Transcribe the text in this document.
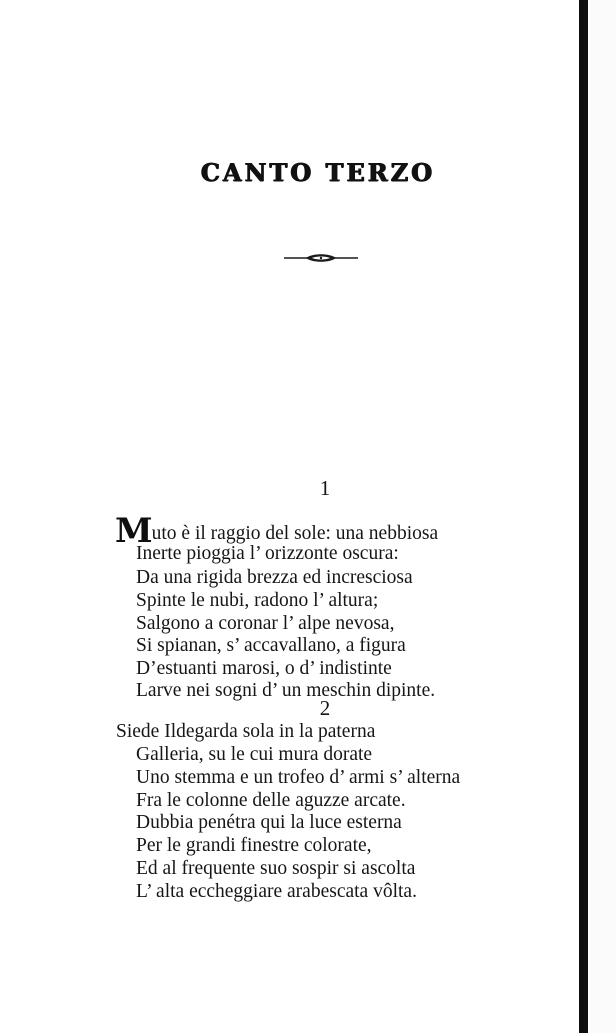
CANTO TERZO
1
Muto è il raggio del sole: una nebbiosa
Inerte pioggia l’ orizzonte oscura:
Da una rigida brezza ed incresciosa
Spinte le nubi, radono l’ altura;
Salgono a coronar l’ alpe nevosa,
Si spianan, s’ accavallano, a figura
D’estuanti marosi, o d’ indistinte
Larve nei sogni d’ un meschin dipinte.
2
Siede Ildegarda sola in la paterna
Galleria, su le cui mura dorate
Uno stemma e un trofeo d’ armi s’ alterna
Fra le colonne delle aguzze arcate.
Dubbia penétra qui la luce esterna
Per le grandi finestre colorate,
Ed al frequente suo sospir si ascolta
L’ alta eccheggiare arabescata vôlta.
